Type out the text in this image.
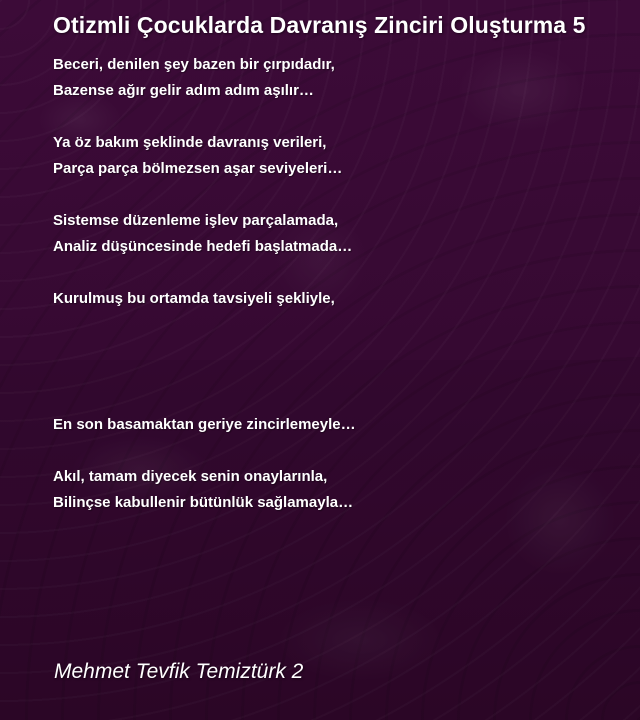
Otizmli Çocuklarda Davranış Zinciri Oluşturma 5

Beceri, denilen şey bazen bir çırpıdadır,

Bazense ağır gelir adım adım aşılır…

Ya öz bakım şeklinde davranış verileri,

Parça parça bölmezsen aşar seviyeleri…

Sistemse düzenleme işlev parçalamada,

Analiz düşüncesinde hedefi başlatmada…

Kurulmuş bu ortamda tavsiyeli şekliyle,

En son basamaktan geriye zincirlemeyle…

Akıl, tamam diyecek senin onaylarınla,

Bilinçse kabullenir bütünlük sağlamayla…

Mehmet Tevfik Temiztürk 2
